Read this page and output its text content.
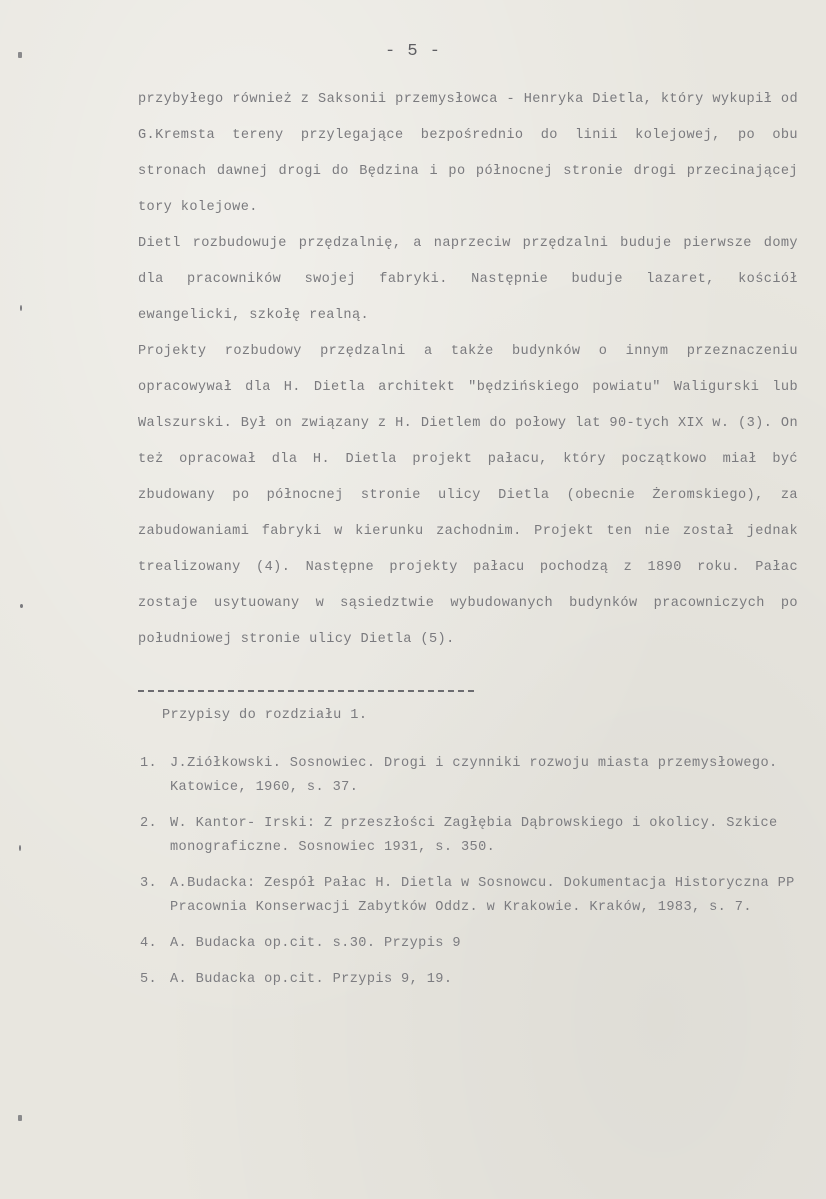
- 5 -

przybyłego również z Saksonii przemysłowca - Henryka Dietla, który wykupił od G.Kremsta tereny przylegające bezpośrednio do linii kolejowej, po obu stronach dawnej drogi do Będzina i po północnej stronie drogi przecinającej tory kolejowe.

Dietl rozbudowuje przędzalnię, a naprzeciw przędzalni buduje pierwsze domy dla pracowników swojej fabryki. Następnie buduje lazaret, kościół ewangelicki, szkołę realną.

Projekty rozbudowy przędzalni a także budynków o innym przeznaczeniu opracowywał dla H. Dietla architekt "będzińskiego powiatu" Waligurski lub Walszurski. Był on związany z H. Dietlem do połowy lat 90-tych XIX w. (3). On też opracował dla H. Dietla projekt pałacu, który początkowo miał być zbudowany po północnej stronie ulicy Dietla (obecnie Żeromskiego), za zabudowaniami fabryki w kierunku zachodnim. Projekt ten nie został jednak trealizowany (4). Następne projekty pałacu pochodzą z 1890 roku. Pałac zostaje usytuowany w sąsiedztwie wybudowanych budynków pracowniczych po południowej stronie ulicy Dietla (5).

Przypisy do rozdziału 1.
1. J.Ziółkowski. Sosnowiec. Drogi i czynniki rozwoju miasta przemysłowego. Katowice, 1960, s. 37.
2. W. Kantor- Irski: Z przeszłości Zagłębia Dąbrowskiego i okolicy. Szkice monograficzne. Sosnowiec 1931, s. 350.
3. A.Budacka: Zespół Pałac H. Dietla w Sosnowcu. Dokumentacja Historyczna PP Pracownia Konserwacji Zabytków Oddz. w Krakowie. Kraków, 1983, s. 7.
4. A. Budacka op.cit. s.30. Przypis 9
5. A. Budacka op.cit. Przypis 9, 19.
